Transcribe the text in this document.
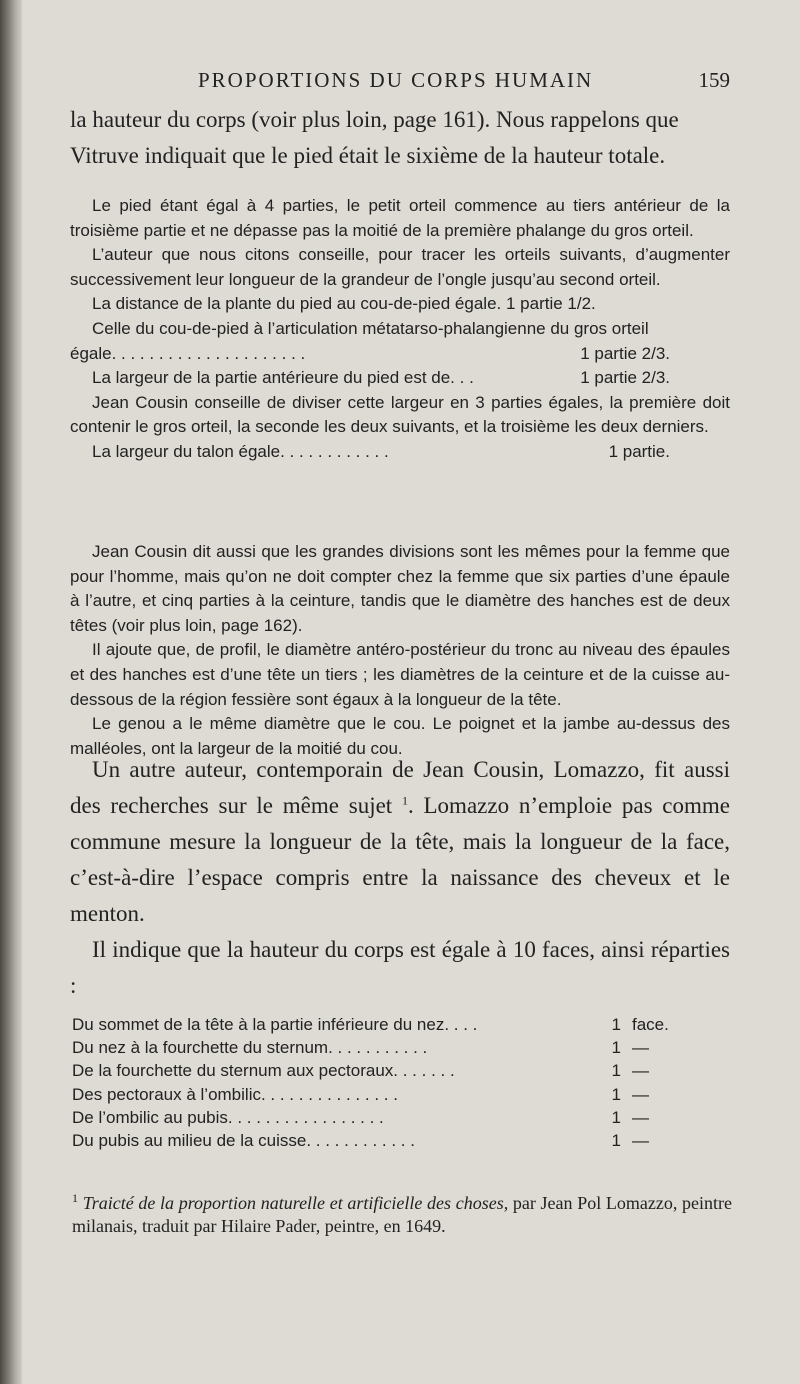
PROPORTIONS DU CORPS HUMAIN	159

la hauteur du corps (voir plus loin, page 161). Nous rappelons que

Vitruve indiquait que le pied était le sixième de la hauteur totale.

Le pied étant égal à 4 parties, le petit orteil commence au tiers antérieur de la troisième partie et ne dépasse pas la moitié de la première phalange du gros orteil.

L’auteur que nous citons conseille, pour tracer les orteils suivants, d’augmenter successivement leur longueur de la grandeur de l’ongle jusqu’au second orteil.

La distance de la plante du pied au cou-de-pied égale. 1 partie 1/2.

Celle du cou-de-pied à l’articulation métatarso-phalangienne du gros orteil

égale. . . . . . . . . . . . . . . . . . . . .	1 partie 2/3.
La largeur de la partie antérieure du pied est de. . .	1 partie 2/3.

Jean Cousin conseille de diviser cette largeur en 3 parties égales, la première doit contenir le gros orteil, la seconde les deux suivants, et la troisième les deux derniers.

La largeur du talon égale. . . . . . . . . . . .	1 partie.

Jean Cousin dit aussi que les grandes divisions sont les mêmes pour la femme que pour l’homme, mais qu’on ne doit compter chez la femme que six parties d’une épaule à l’autre, et cinq parties à la ceinture, tandis que le diamètre des hanches est de deux têtes (voir plus loin, page 162).

Il ajoute que, de profil, le diamètre antéro-postérieur du tronc au niveau des épaules et des hanches est d’une tête un tiers ; les diamètres de la ceinture et de la cuisse au-dessous de la région fessière sont égaux à la longueur de la tête.

Le genou a le même diamètre que le cou. Le poignet et la jambe au-dessus des malléoles, ont la largeur de la moitié du cou.

Un autre auteur, contemporain de Jean Cousin, Lomazzo, fit aussi des recherches sur le même sujet $^1$. Lomazzo n’emploie pas comme commune mesure la longueur de la tête, mais la longueur de la face, c’est-à-dire l’espace compris entre la naissance des cheveux et le menton.

Il indique que la hauteur du corps est égale à 10 faces, ainsi réparties :

Du sommet de la tête à la partie inférieure du nez. . . .	1 face.
Du nez à la fourchette du sternum. . . . . . . . . . .	1 —
De la fourchette du sternum aux pectoraux. . . . . . .	1 —
Des pectoraux à l’ombilic. . . . . . . . . . . . . . .	1 —
De l’ombilic au pubis. . . . . . . . . . . . . . . . .	1 —
Du pubis au milieu de la cuisse. . . . . . . . . . . .	1 —
$^1$ Traicté de la proportion naturelle et artificielle des choses, par Jean Pol Lomazzo, peintre milanais, traduit par Hilaire Pader, peintre, en 1649.
